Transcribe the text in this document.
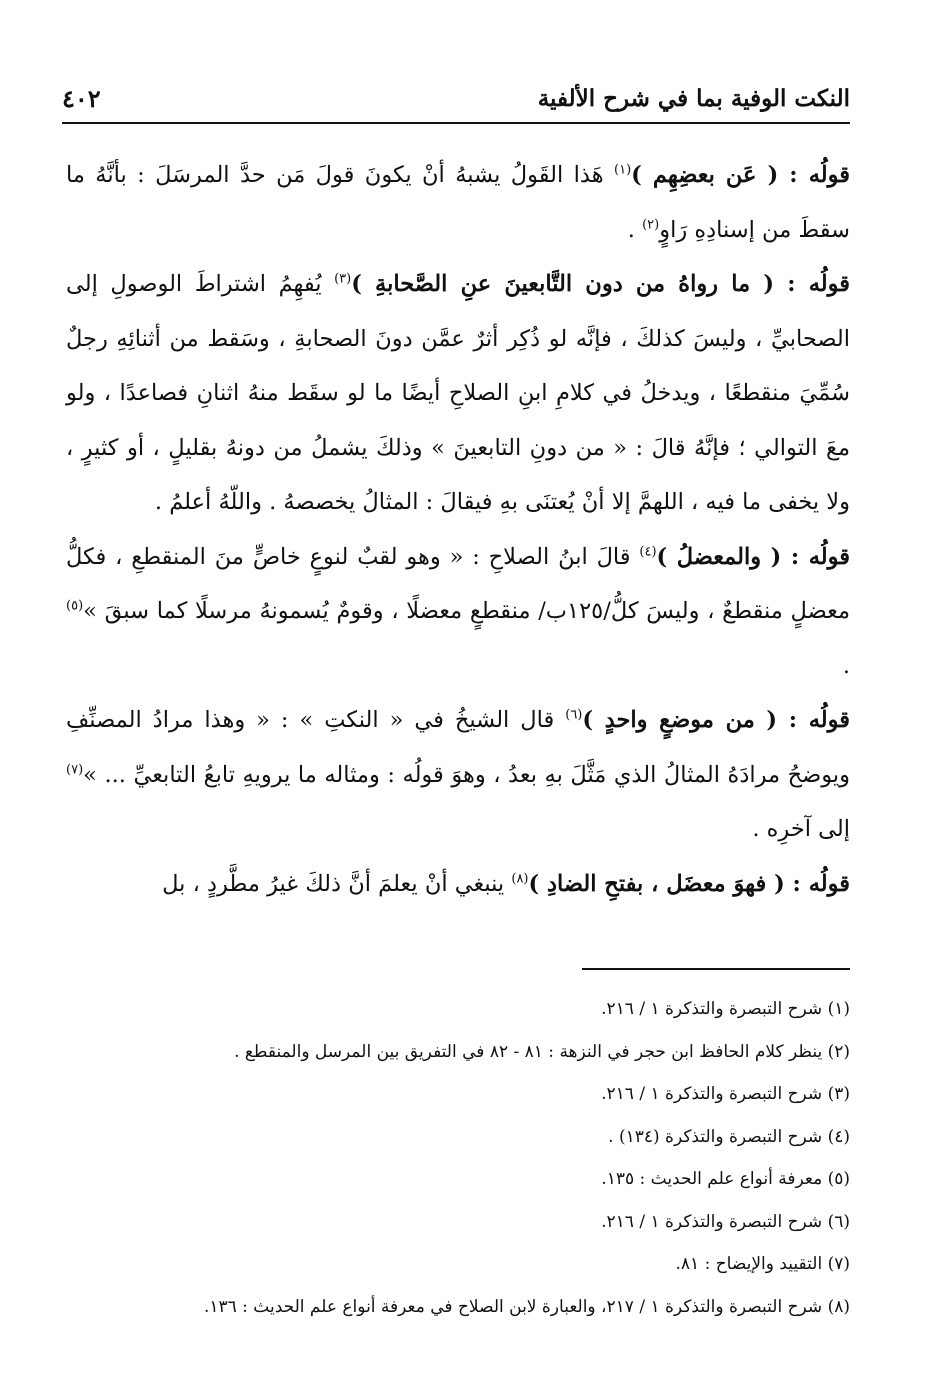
النكت الوفية بما في شرح الألفية
٤٠٢

قولُه : ( عَن بعضِهِم )$^{(١)}$ هَذا القَولُ يشبهُ أنْ يكونَ قولَ مَن حدَّ المرسَلَ : بأنَّهُ ما سقطَ من إسنادِهِ رَاوٍ$^{(٢)}$ .

قولُه : ( ما رواهُ من دون التَّابعينَ عنِ الصَّحابةِ )$^{(٣)}$ يُفهِمُ اشتراطَ الوصولِ إلى الصحابيِّ ، وليسَ كذلكَ ، فإنَّه لو ذُكِر أثرٌ عمَّن دونَ الصحابةِ ، وسَقط من أثنائِهِ رجلٌ سُمِّيَ منقطعًا ، ويدخلُ في كلامِ ابنِ الصلاحِ أيضًا ما لو سقَط منهُ اثنانِ فصاعدًا ، ولو معَ التوالي ؛ فإنَّهُ قالَ : « من دونِ التابعينَ » وذلكَ يشملُ من دونهُ بقليلٍ ، أو كثيرٍ ، ولا يخفى ما فيه ، اللهمَّ إلا أنْ يُعتنَى بهِ فيقالَ : المثالُ يخصصهُ . واللّهُ أعلمُ .

قولُه : ( والمعضلُ )$^{(٤)}$ قالَ ابنُ الصلاحِ : « وهو لقبٌ لنوعٍ خاصٍّ منَ المنقطعِ ، فكلُّ معضلٍ منقطعٌ ، وليسَ كلُّ/١٢٥ب/ منقطعٍ معضلًا ، وقومٌ يُسمونهُ مرسلًا كما سبقَ »$^{(٥)}$ .

قولُه : ( من موضعٍ واحدٍ )$^{(٦)}$ قال الشيخُ في « النكتِ » : « وهذا مرادُ المصنِّفِ ويوضحُ مرادَهُ المثالُ الذي مَثَّلَ بهِ بعدُ ، وهوَ قولُه : ومثاله ما يرويهِ تابعُ التابعيِّ ... »$^{(٧)}$ إلى آخرِه .

قولُه : ( فهوَ معضَل ، بفتحِ الضادِ )$^{(٨)}$ ينبغي أنْ يعلمَ أنَّ ذلكَ غيرُ مطَّردٍ ، بل

(١) شرح التبصرة والتذكرة ١ / ٢١٦.

(٢) ينظر كلام الحافظ ابن حجر في النزهة : ٨١ - ٨٢ في التفريق بين المرسل والمنقطع .

(٣) شرح التبصرة والتذكرة ١ / ٢١٦.

(٤) شرح التبصرة والتذكرة (١٣٤) .

(٥) معرفة أنواع علم الحديث : ١٣٥.

(٦) شرح التبصرة والتذكرة ١ / ٢١٦.

(٧) التقييد والإيضاح : ٨١.

(٨) شرح التبصرة والتذكرة ١ / ٢١٧، والعبارة لابن الصلاح في معرفة أنواع علم الحديث : ١٣٦.
